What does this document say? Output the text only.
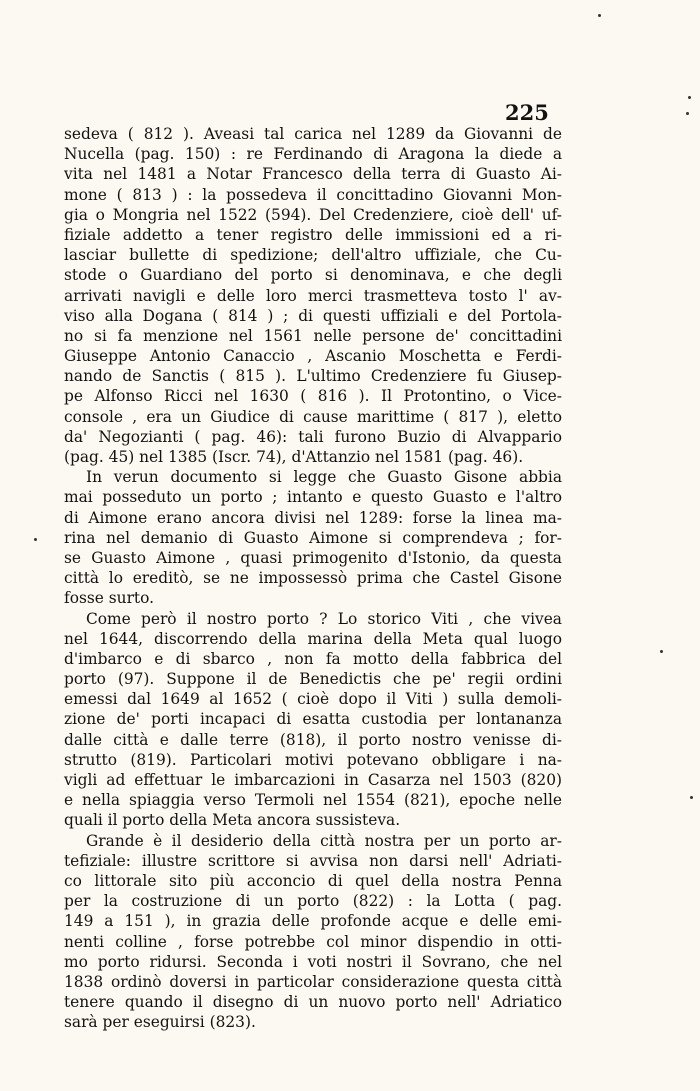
225
sedeva ( 812 ). Aveasi tal carica nel 1289 da Giovanni de
Nucella (pag. 150) : re Ferdinando di Aragona la diede a
vita nel 1481 a Notar Francesco della terra di Guasto Ai-
mone ( 813 ) : la possedeva il concittadino Giovanni Mon-
gia o Mongria nel 1522 (594). Del Credenziere, cioè dell' uf-
fiziale addetto a tener registro delle immissioni ed a ri-
lasciar bullette di spedizione; dell'altro uffiziale, che Cu-
stode o Guardiano del porto si denominava, e che degli
arrivati navigli e delle loro merci trasmetteva tosto l' av-
viso alla Dogana ( 814 ) ; di questi uffiziali e del Portola-
no si fa menzione nel 1561 nelle persone de' concittadini
Giuseppe Antonio Canaccio , Ascanio Moschetta e Ferdi-
nando de Sanctis ( 815 ). L'ultimo Credenziere fu Giusep-
pe Alfonso Ricci nel 1630 ( 816 ). Il Protontino, o Vice-
console , era un Giudice di cause marittime ( 817 ), eletto
da' Negozianti ( pag. 46): tali furono Buzio di Alvappario
(pag. 45) nel 1385 (Iscr. 74), d'Attanzio nel 1581 (pag. 46).
In verun documento si legge che Guasto Gisone abbia
mai posseduto un porto ; intanto e questo Guasto e l'altro
di Aimone erano ancora divisi nel 1289: forse la linea ma-
rina nel demanio di Guasto Aimone si comprendeva ; for-
se Guasto Aimone , quasi primogenito d'Istonio, da questa
città lo ereditò, se ne impossessò prima che Castel Gisone
fosse surto.
Come però il nostro porto ? Lo storico Viti , che vivea
nel 1644, discorrendo della marina della Meta qual luogo
d'imbarco e di sbarco , non fa motto della fabbrica del
porto (97). Suppone il de Benedictis che pe' regii ordini
emessi dal 1649 al 1652 ( cioè dopo il Viti ) sulla demoli-
zione de' porti incapaci di esatta custodia per lontananza
dalle città e dalle terre (818), il porto nostro venisse di-
strutto (819). Particolari motivi potevano obbligare i na-
vigli ad effettuar le imbarcazioni in Casarza nel 1503 (820)
e nella spiaggia verso Termoli nel 1554 (821), epoche nelle
quali il porto della Meta ancora sussisteva.
Grande è il desiderio della città nostra per un porto ar-
tefiziale: illustre scrittore si avvisa non darsi nell' Adriati-
co littorale sito più acconcio di quel della nostra Penna
per la costruzione di un porto (822) : la Lotta ( pag.
149 a 151 ), in grazia delle profonde acque e delle emi-
nenti colline , forse potrebbe col minor dispendio in otti-
mo porto ridursi. Seconda i voti nostri il Sovrano, che nel
1838 ordinò doversi in particolar considerazione questa città
tenere quando il disegno di un nuovo porto nell' Adriatico
sarà per eseguirsi (823).
